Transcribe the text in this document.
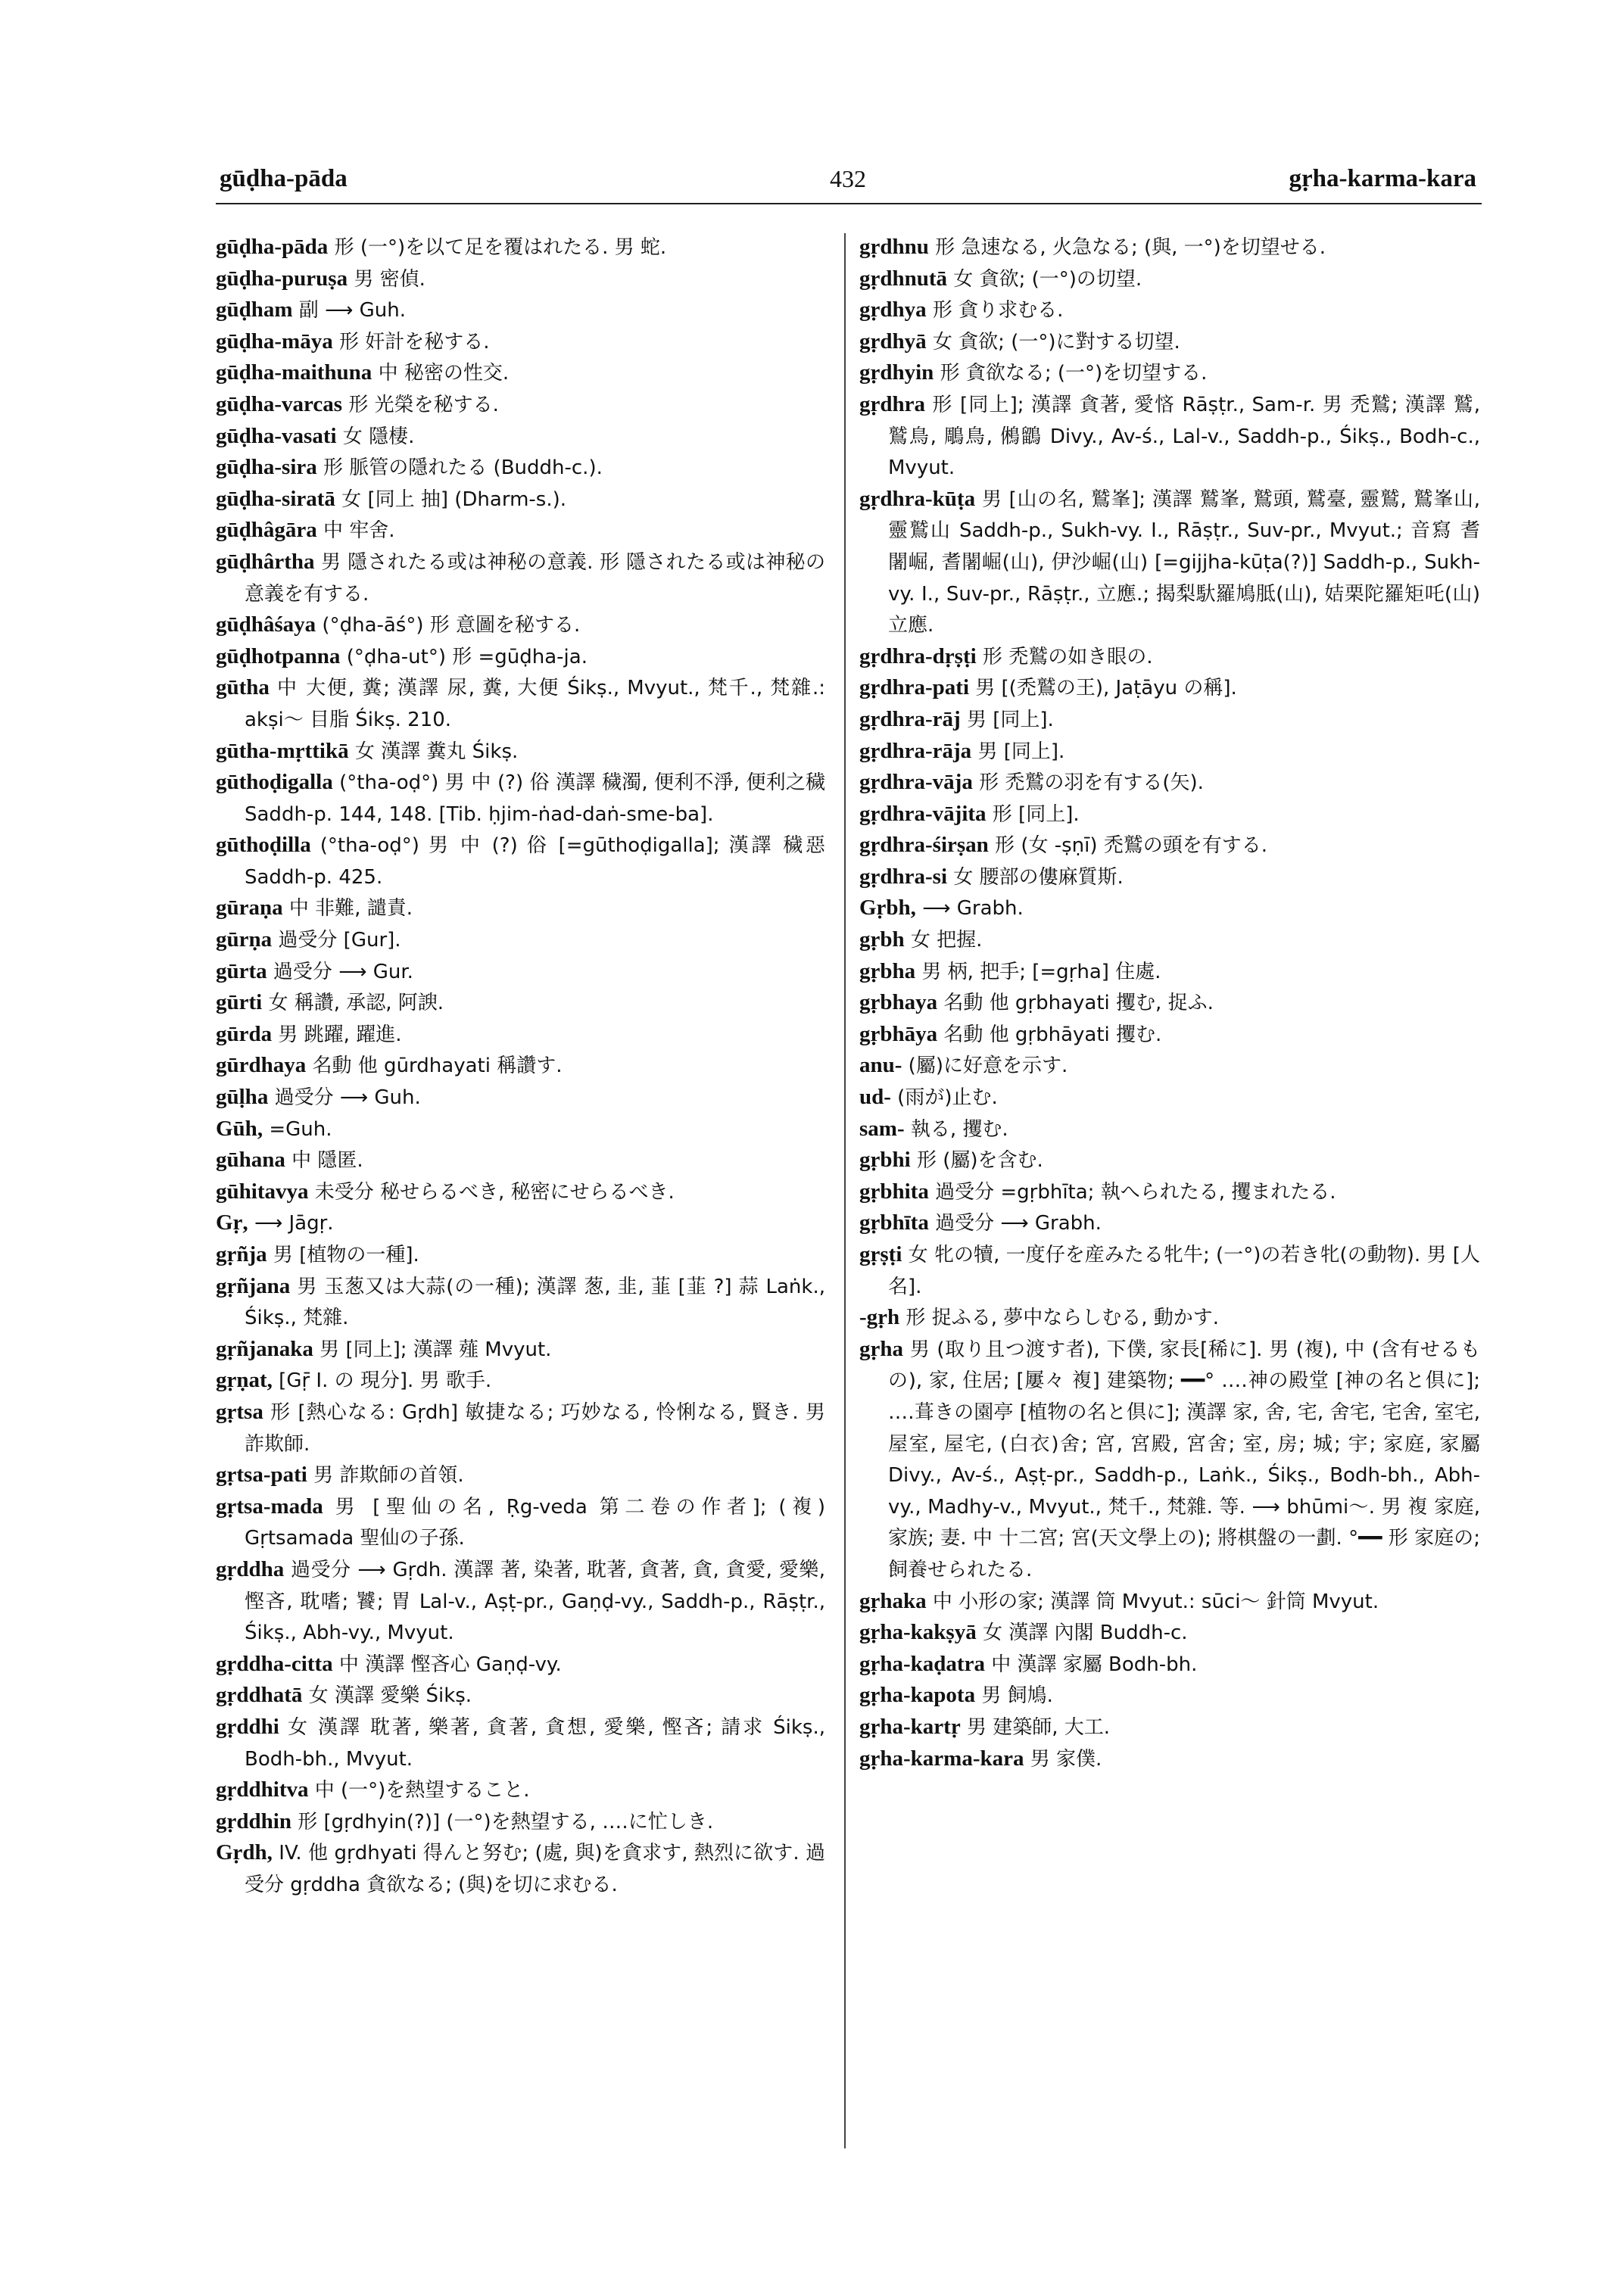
gūḍha-pāda	432	gṛha-karma-kara

gūḍha-pāda 形 (一°)を以て足を覆はれたる. 男 蛇.

gūḍha-puruṣa 男 密偵.

gūḍham 副 ⟶ Guh.

gūḍha-māya 形 奸計を秘する.

gūḍha-maithuna 中 秘密の性交.

gūḍha-varcas 形 光榮を秘する.

gūḍha-vasati 女 隱棲.

gūḍha-sira 形 脈管の隱れたる (Buddh-c.).

gūḍha-siratā 女 [同上 抽] (Dharm-s.).

gūḍhâgāra 中 牢舍.

gūḍhârtha 男 隱されたる或は神秘の意義. 形 隱されたる或は神秘の意義を有する.

gūḍhâśaya (°ḍha-āś°) 形 意圖を秘する.

gūḍhotpanna (°ḍha-ut°) 形 =gūḍha-ja.

gūtha 中 大便, 糞; 漢譯 尿, 糞, 大便 Śikṣ., Mvyut., 梵千., 梵雜.: akṣi〜 目脂 Śikṣ. 210.

gūtha-mṛttikā 女 漢譯 糞丸 Śikṣ.

gūthoḍigalla (°tha-oḍ°) 男 中 (?) 俗 漢譯 穢濁, 便利不淨, 便利之穢 Saddh-p. 144, 148. [Tib. ḥjim-ṅad-daṅ-sme-ba].

gūthoḍilla (°tha-oḍ°) 男 中 (?) 俗 [=gūthoḍigalla]; 漢譯 穢惡 Saddh-p. 425.

gūraṇa 中 非難, 譴責.

gūrṇa 過受分 [Gur].

gūrta 過受分 ⟶ Gur.

gūrti 女 稱讚, 承認, 阿諛.

gūrda 男 跳躍, 躍進.

gūrdhaya 名動 他 gūrdhayati 稱讚す.

gūḷha 過受分 ⟶ Guh.

Gūh, =Guh.

gūhana 中 隱匿.

gūhitavya 未受分 秘せらるべき, 秘密にせらるべき.

Gṛ, ⟶ Jāgṛ.

gṛñja 男 [植物の一種].

gṛñjana 男 玉葱又は大蒜(の一種); 漢譯 葱, 韭, 韮 [韮 ?] 蒜 Laṅk., Śikṣ., 梵雜.

gṛñjanaka 男 [同上]; 漢譯 薤 Mvyut.

gṛṇat, [Gṝ I. の 現分]. 男 歌手.

gṛtsa 形 [熱心なる: Gṛdh] 敏捷なる; 巧妙なる, 怜悧なる, 賢き. 男 詐欺師.

gṛtsa-pati 男 詐欺師の首領.

gṛtsa-mada 男 [聖仙の名, Ṛg-veda 第二卷の作者]; (複) Gṛtsamada 聖仙の子孫.

gṛddha 過受分 ⟶ Gṛdh. 漢譯 著, 染著, 耽著, 貪著, 貪, 貪愛, 愛樂, 慳吝, 耽嗜; 饕; 胃 Lal-v., Aṣṭ-pr., Gaṇḍ-vy., Saddh-p., Rāṣṭr., Śikṣ., Abh-vy., Mvyut.

gṛddha-citta 中 漢譯 慳吝心 Gaṇḍ-vy.

gṛddhatā 女 漢譯 愛樂 Śikṣ.

gṛddhi 女 漢譯 耽著, 樂著, 貪著, 貪想, 愛樂, 慳吝; 請求 Śikṣ., Bodh-bh., Mvyut.

gṛddhitva 中 (一°)を熱望すること.

gṛddhin 形 [gṛdhyin(?)] (一°)を熱望する, ‥‥に忙しき.

Gṛdh, IV. 他 gṛdhyati 得んと努む; (處, 與)を貪求す, 熱烈に欲す. 過受分 gṛddha 貪欲なる; (與)を切に求むる.

gṛdhnu 形 急速なる, 火急なる; (與, 一°)を切望せる.

gṛdhnutā 女 貪欲; (一°)の切望.

gṛdhya 形 貪り求むる.

gṛdhyā 女 貪欲; (一°)に對する切望.

gṛdhyin 形 貪欲なる; (一°)を切望する.

gṛdhra 形 [同上]; 漢譯 貪著, 愛悋 Rāṣṭr., Sam-r. 男 禿鷲; 漢譯 鷲, 鷲鳥, 鵰鳥, 鵂鶹 Divy., Av-ś., Lal-v., Saddh-p., Śikṣ., Bodh-c., Mvyut.

gṛdhra-kūṭa 男 [山の名, 鷲峯]; 漢譯 鷲峯, 鷲頭, 鷲臺, 靈鷲, 鷲峯山, 靈鷲山 Saddh-p., Sukh-vy. I., Rāṣṭr., Suv-pr., Mvyut.; 音寫 耆闍崛, 耆闍崛(山), 伊沙崛(山) [=gijjha-kūṭa(?)] Saddh-p., Sukh-vy. I., Suv-pr., Rāṣṭr., 立應.; 揭梨馱羅鳩胝(山), 姞栗陀羅矩吒(山) 立應.

gṛdhra-dṛṣṭi 形 禿鷲の如き眼の.

gṛdhra-pati 男 [(禿鷲の王), Jaṭāyu の稱].

gṛdhra-rāj 男 [同上].

gṛdhra-rāja 男 [同上].

gṛdhra-vāja 形 禿鷲の羽を有する(矢).

gṛdhra-vājita 形 [同上].

gṛdhra-śirṣan 形 (女 -ṣṇī) 禿鷲の頭を有する.

gṛdhra-si 女 腰部の僂麻質斯.

Gṛbh, ⟶ Grabh.

gṛbh 女 把握.

gṛbha 男 柄, 把手; [=gṛha] 住處.

gṛbhaya 名動 他 gṛbhayati 攫む, 捉ふ.

gṛbhāya 名動 他 gṛbhāyati 攫む.

anu- (屬)に好意を示す.

ud- (雨が)止む.

sam- 執る, 攫む.

gṛbhi 形 (屬)を含む.

gṛbhita 過受分 =gṛbhīta; 執へられたる, 攫まれたる.

gṛbhīta 過受分 ⟶ Grabh.

gṛṣṭi 女 牝の犢, 一度仔を産みたる牝牛; (一°)の若き牝(の動物). 男 [人名].

-gṛh 形 捉ふる, 夢中ならしむる, 動かす.

gṛha 男 (取り且つ渡す者), 下僕, 家長[稀に]. 男 (複), 中 (含有せるもの), 家, 住居; [屢々 複] 建築物; ━━° ‥‥神の殿堂 [神の名と倶に]; ‥‥葺きの園亭 [植物の名と倶に]; 漢譯 家, 舍, 宅, 舍宅, 宅舍, 室宅, 屋室, 屋宅, (白衣)舍; 宮, 宮殿, 宮舍; 室, 房; 城; 宇; 家庭, 家屬 Divy., Av-ś., Aṣṭ-pr., Saddh-p., Laṅk., Śikṣ., Bodh-bh., Abh-vy., Madhy-v., Mvyut., 梵千., 梵雜. 等. ⟶ bhūmi〜. 男 複 家庭, 家族; 妻. 中 十二宮; 宮(天文學上の); 將棋盤の一劃. °━━ 形 家庭の; 飼養せられたる.

gṛhaka 中 小形の家; 漢譯 筒 Mvyut.: sūci〜 針筒 Mvyut.

gṛha-kakṣyā 女 漢譯 內閣 Buddh-c.

gṛha-kaḍatra 中 漢譯 家屬 Bodh-bh.

gṛha-kapota 男 飼鳩.

gṛha-kartṛ 男 建築師, 大工.

gṛha-karma-kara 男 家僕.
